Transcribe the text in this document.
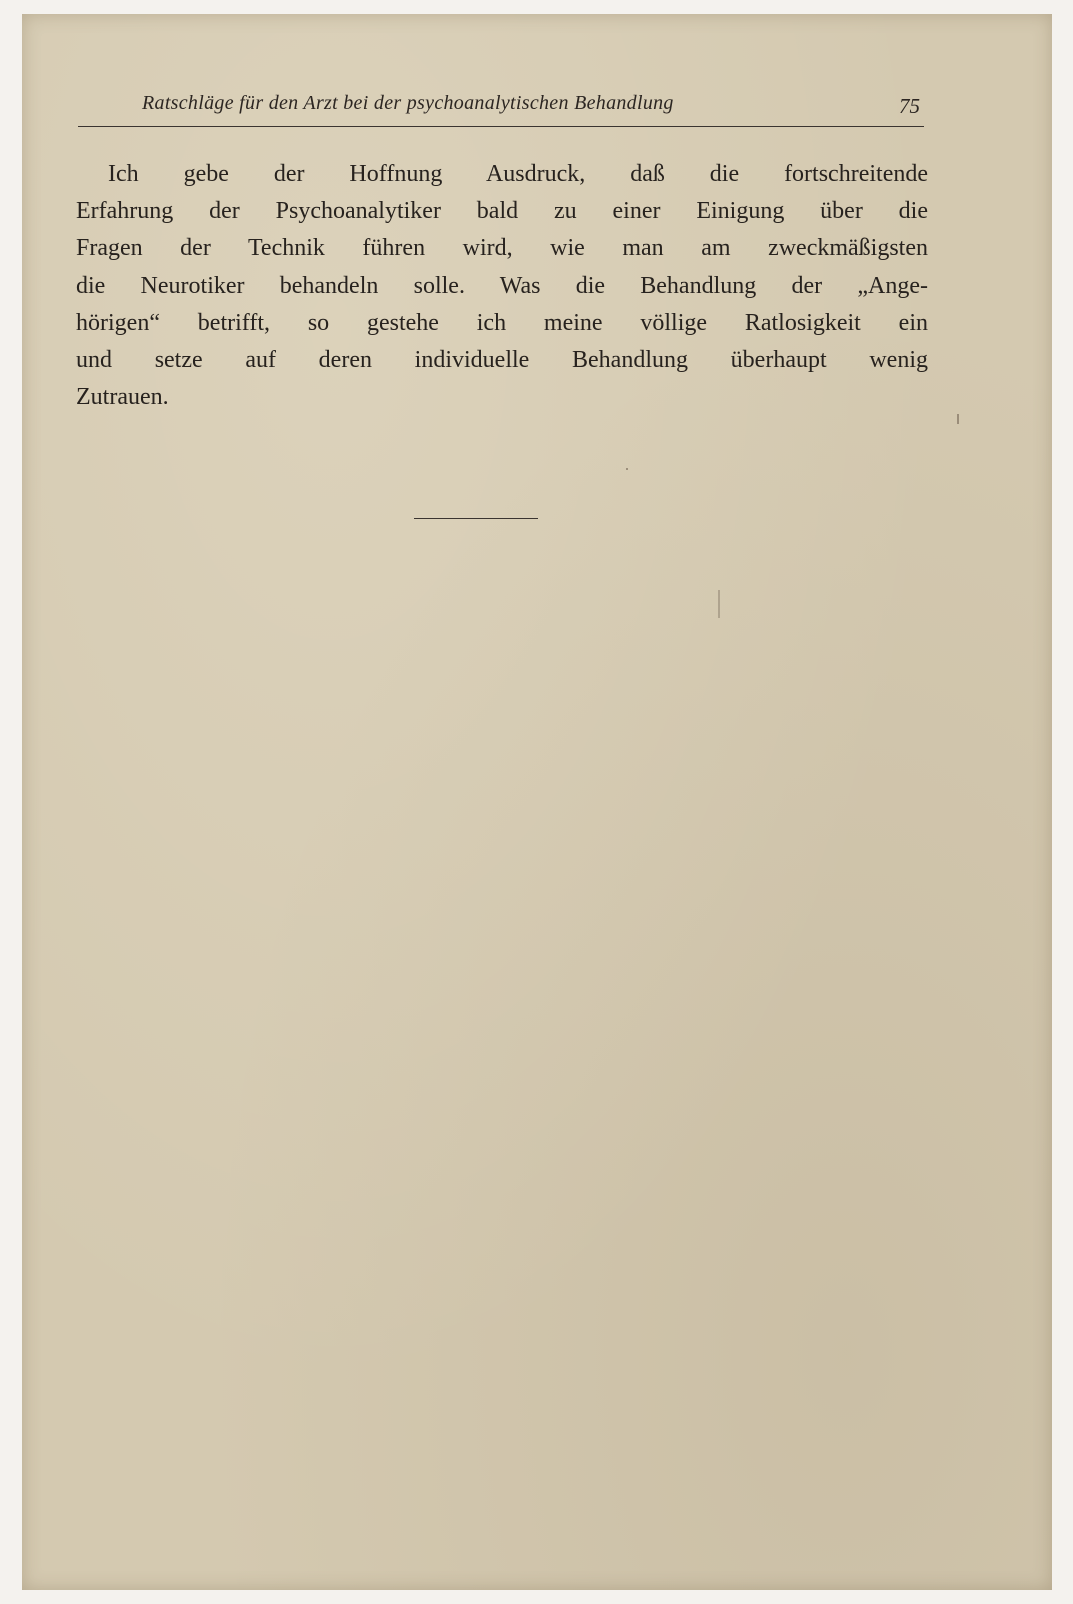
Ratschläge für den Arzt bei der psychoanalytischen Behandlung	75
Ich gebe der Hoffnung Ausdruck, daß die fortschreitende
Erfahrung der Psychoanalytiker bald zu einer Einigung über die
Fragen der Technik führen wird, wie man am zweckmäßigsten
die Neurotiker behandeln solle. Was die Behandlung der „Ange-
hörigen“ betrifft, so gestehe ich meine völlige Ratlosigkeit ein
und setze auf deren individuelle Behandlung überhaupt wenig
Zutrauen.
